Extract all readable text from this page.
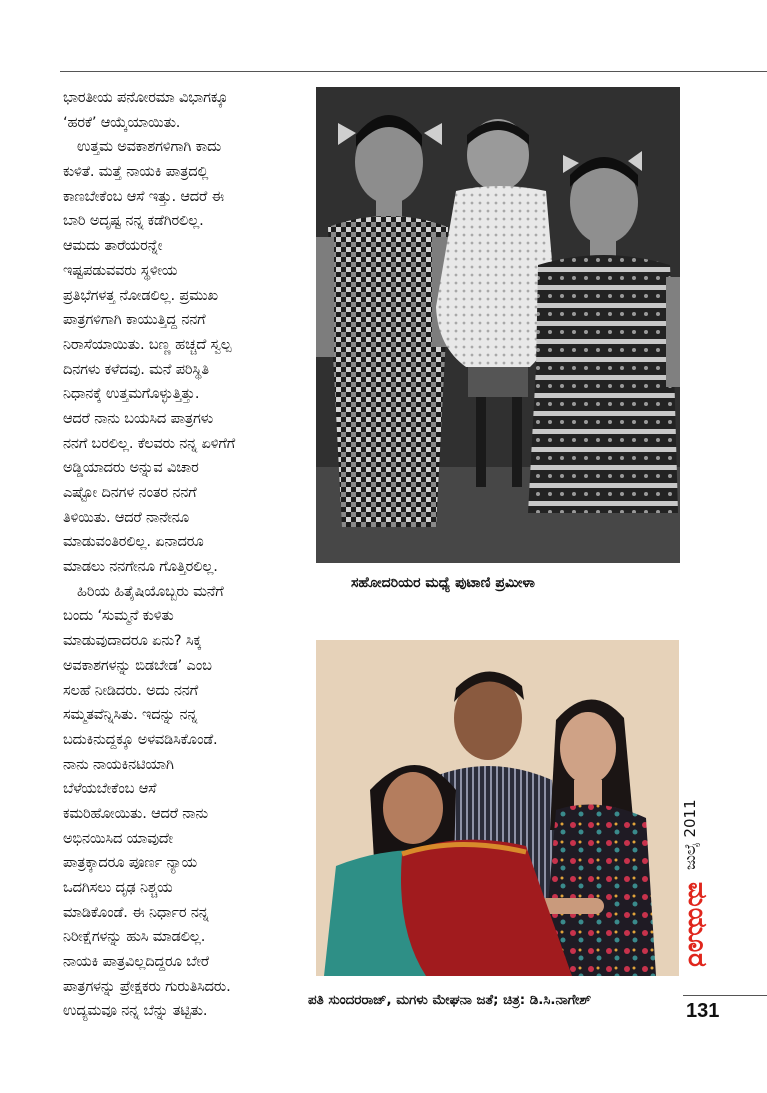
ಭಾರತೀಯ ಪನೋರಮಾ ವಿಭಾಗಕ್ಕೂ
‘ಹರಕೆ’ ಆಯ್ಕೆಯಾಯಿತು.
ಉತ್ತಮ ಅವಕಾಶಗಳಿಗಾಗಿ ಕಾದು
ಕುಳಿತೆ. ಮತ್ತೆ ನಾಯಕಿ ಪಾತ್ರದಲ್ಲಿ
ಕಾಣಬೇಕೆಂಬ ಆಸೆ ಇತ್ತು. ಆದರೆ ಈ
ಬಾರಿ ಅದೃಷ್ಟ ನನ್ನ ಕಡೆಗಿರಲಿಲ್ಲ.
ಆಮದು ತಾರೆಯರನ್ನೇ
ಇಷ್ಟಪಡುವವರು ಸ್ಥಳೀಯ
ಪ್ರತಿಭೆಗಳತ್ತ ನೋಡಲಿಲ್ಲ. ಪ್ರಮುಖ
ಪಾತ್ರಗಳಿಗಾಗಿ ಕಾಯುತ್ತಿದ್ದ ನನಗೆ
ನಿರಾಸೆಯಾಯಿತು. ಬಣ್ಣ ಹಚ್ಚದೆ ಸ್ವಲ್ಪ
ದಿನಗಳು ಕಳೆದವು. ಮನೆ ಪರಿಸ್ಥಿತಿ
ನಿಧಾನಕ್ಕೆ ಉತ್ತಮಗೊಳ್ಳುತ್ತಿತ್ತು.
ಆದರೆ ನಾನು ಬಯಸಿದ ಪಾತ್ರಗಳು
ನನಗೆ ಬರಲಿಲ್ಲ. ಕೆಲವರು ನನ್ನ ಏಳಿಗೆಗೆ
ಅಡ್ಡಿಯಾದರು ಅನ್ನುವ ವಿಚಾರ
ಎಷ್ಟೋ ದಿನಗಳ ನಂತರ ನನಗೆ
ತಿಳಿಯಿತು. ಆದರೆ ನಾನೇನೂ
ಮಾಡುವಂತಿರಲಿಲ್ಲ. ಏನಾದರೂ
ಮಾಡಲು ನನಗೇನೂ ಗೊತ್ತಿರಲಿಲ್ಲ.
ಹಿರಿಯ ಹಿತೈಷಿಯೊಬ್ಬರು ಮನೆಗೆ
ಬಂದು ‘ಸುಮ್ಮನೆ ಕುಳಿತು
ಮಾಡುವುದಾದರೂ ಏನು? ಸಿಕ್ಕ
ಅವಕಾಶಗಳನ್ನು ಬಿಡಬೇಡ’ ಎಂಬ
ಸಲಹೆ ನೀಡಿದರು. ಅದು ನನಗೆ
ಸಮ್ಮತವೆನ್ನಿಸಿತು. ಇದನ್ನು ನನ್ನ
ಬದುಕಿನುದ್ದಕ್ಕೂ ಅಳವಡಿಸಿಕೊಂಡೆ.
ನಾನು ನಾಯಕಿನಟಿಯಾಗಿ
ಬೆಳೆಯಬೇಕೆಂಬ ಆಸೆ
ಕಮರಿಹೋಯಿತು. ಆದರೆ ನಾನು
ಅಭಿನಯಿಸಿದ ಯಾವುದೇ
ಪಾತ್ರಕ್ಕಾದರೂ ಪೂರ್ಣ ನ್ಯಾಯ
ಒದಗಿಸಲು ದೃಢ ನಿಶ್ಚಯ
ಮಾಡಿಕೊಂಡೆ. ಈ ನಿರ್ಧಾರ ನನ್ನ
ನಿರೀಕ್ಷೆಗಳನ್ನು ಹುಸಿ ಮಾಡಲಿಲ್ಲ.
ನಾಯಕಿ ಪಾತ್ರವಿಲ್ಲದಿದ್ದರೂ ಬೇರೆ
ಪಾತ್ರಗಳನ್ನು ಪ್ರೇಕ್ಷಕರು ಗುರುತಿಸಿದರು.
ಉದ್ಯಮವೂ ನನ್ನ ಬೆನ್ನು ತಟ್ಟಿತು.
ಸಹೋದರಿಯರ ಮಧ್ಯೆ ಪುಟಾಣಿ ಪ್ರಮೀಳಾ
ಪತಿ ಸುಂದರರಾಜ್, ಮಗಳು ಮೇಘನಾ ಜತೆ; ಚಿತ್ರ: ಡಿ.ಸಿ.ನಾಗೇಶ್
ಜುಲೈ 2011
ಮಯೂರ
131
